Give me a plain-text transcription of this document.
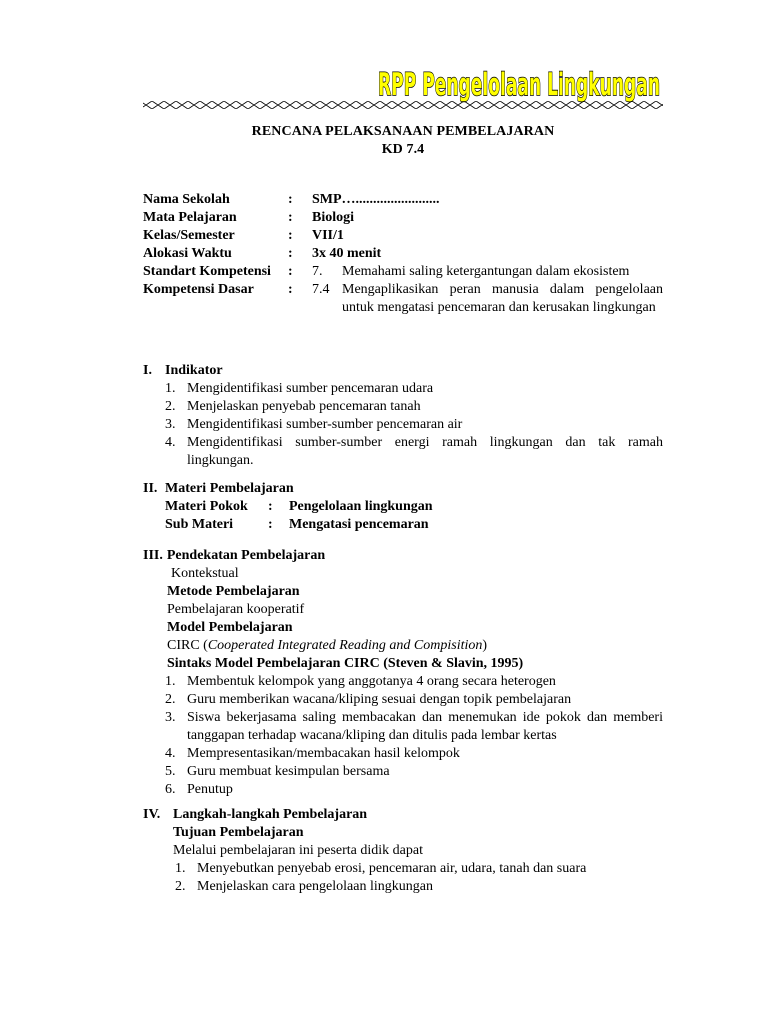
RPP Pengelolaan Lingkungan
RENCANA PELAKSANAAN PEMBELAJARAN
KD 7.4
Nama Sekolah	:	SMP…........................
Mata Pelajaran	:	Biologi
Kelas/Semester	:	VII/1
Alokasi Waktu	:	3x 40 menit
Standart Kompetensi	:	7.	Memahami saling ketergantungan dalam ekosistem
Kompetensi Dasar	:	7.4 Mengaplikasikan peran manusia dalam pengelolaan untuk mengatasi pencemaran dan kerusakan lingkungan
I. Indikator
1. Mengidentifikasi sumber pencemaran udara
2. Menjelaskan penyebab pencemaran tanah
3. Mengidentifikasi sumber-sumber pencemaran air
4. Mengidentifikasi sumber-sumber energi ramah lingkungan dan tak ramah lingkungan.
II. Materi Pembelajaran
Materi Pokok	:	Pengelolaan lingkungan
Sub Materi	:	Mengatasi pencemaran
III. Pendekatan Pembelajaran
Kontekstual
Metode Pembelajaran
Pembelajaran kooperatif
Model Pembelajaran
CIRC (Cooperated Integrated Reading and Compisition)
Sintaks Model Pembelajaran CIRC (Steven & Slavin, 1995)
1. Membentuk kelompok yang anggotanya 4 orang secara heterogen
2. Guru memberikan wacana/kliping sesuai dengan topik pembelajaran
3. Siswa bekerjasama saling membacakan dan menemukan ide pokok dan memberi tanggapan terhadap wacana/kliping dan ditulis pada lembar kertas
4. Mempresentasikan/membacakan hasil kelompok
5. Guru membuat kesimpulan bersama
6. Penutup
IV. Langkah-langkah Pembelajaran
Tujuan Pembelajaran
Melalui pembelajaran ini peserta didik dapat
1. Menyebutkan penyebab erosi, pencemaran air, udara, tanah dan suara
2. Menjelaskan cara pengelolaan lingkungan
